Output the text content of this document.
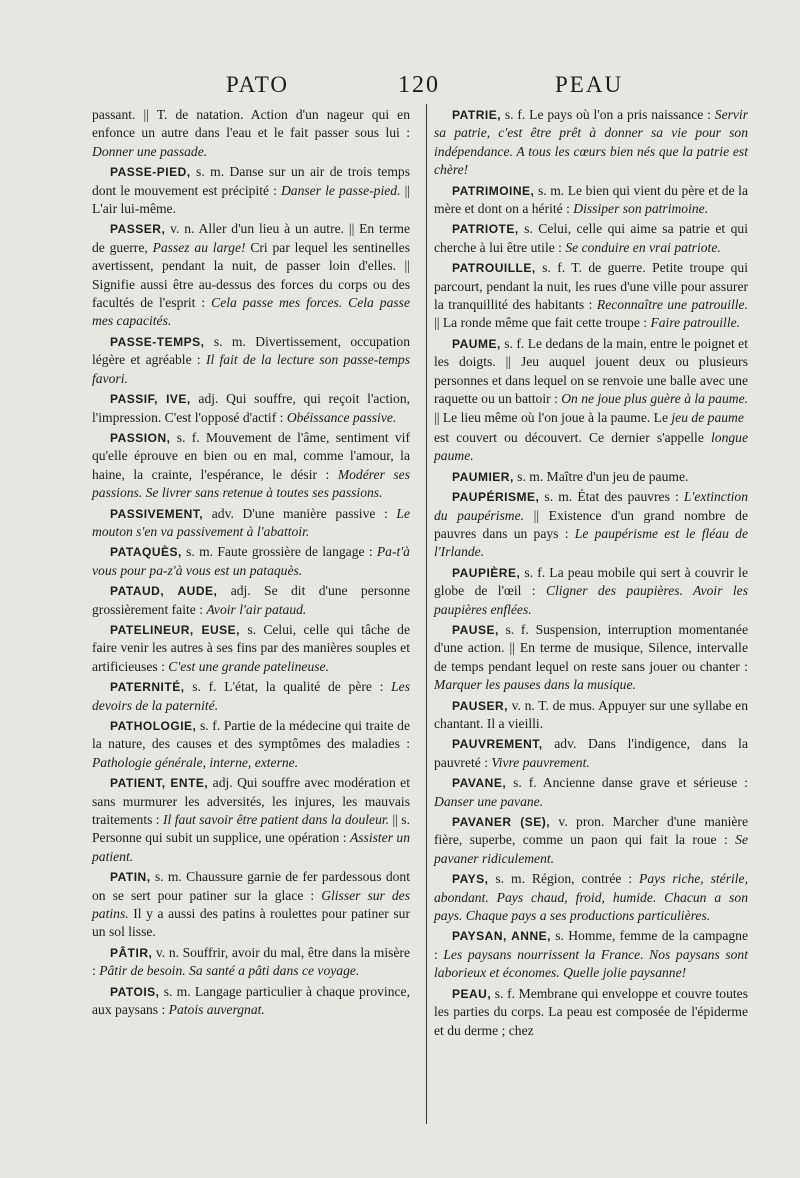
PATO	120	PEAU

passant. || T. de natation. Action d'un nageur qui en enfonce un autre dans l'eau et le fait passer sous lui : Donner une passade.

PASSE-PIED, s. m. Danse sur un air de trois temps dont le mouvement est précipité : Danser le passe-pied. || L'air lui-même.

PASSER, v. n. Aller d'un lieu à un autre. || En terme de guerre, Passez au large! Cri par lequel les sentinelles avertissent, pendant la nuit, de passer loin d'elles. || Signifie aussi être au-dessus des forces du corps ou des facultés de l'esprit : Cela passe mes forces. Cela passe mes capacités.

PASSE-TEMPS, s. m. Divertissement, occupation légère et agréable : Il fait de la lecture son passe-temps favori.

PASSIF, IVE, adj. Qui souffre, qui reçoit l'action, l'impression. C'est l'opposé d'actif : Obéissance passive.

PASSION, s. f. Mouvement de l'âme, sentiment vif qu'elle éprouve en bien ou en mal, comme l'amour, la haine, la crainte, l'espérance, le désir : Modérer ses passions. Se livrer sans retenue à toutes ses passions.

PASSIVEMENT, adv. D'une manière passive : Le mouton s'en va passivement à l'abattoir.

PATAQUÈS, s. m. Faute grossière de langage : Pa-t'à vous pour pa-z'à vous est un pataquès.

PATAUD, AUDE, adj. Se dit d'une personne grossièrement faite : Avoir l'air pataud.

PATELINEUR, EUSE, s. Celui, celle qui tâche de faire venir les autres à ses fins par des manières souples et artificieuses : C'est une grande patelineuse.

PATERNITÉ, s. f. L'état, la qualité de père : Les devoirs de la paternité.

PATHOLOGIE, s. f. Partie de la médecine qui traite de la nature, des causes et des symptômes des maladies : Pathologie générale, interne, externe.

PATIENT, ENTE, adj. Qui souffre avec modération et sans murmurer les adversités, les injures, les mauvais traitements : Il faut savoir être patient dans la douleur. || s. Personne qui subit un supplice, une opération : Assister un patient.

PATIN, s. m. Chaussure garnie de fer pardessous dont on se sert pour patiner sur la glace : Glisser sur des patins. Il y a aussi des patins à roulettes pour patiner sur un sol lisse.

PÂTIR, v. n. Souffrir, avoir du mal, être dans la misère : Pâtir de besoin. Sa santé a pâti dans ce voyage.

PATOIS, s. m. Langage particulier à chaque province, aux paysans : Patois auvergnat.

PATRIE, s. f. Le pays où l'on a pris naissance : Servir sa patrie, c'est être prêt à donner sa vie pour son indépendance. A tous les cœurs bien nés que la patrie est chère!

PATRIMOINE, s. m. Le bien qui vient du père et de la mère et dont on a hérité : Dissiper son patrimoine.

PATRIOTE, s. Celui, celle qui aime sa patrie et qui cherche à lui être utile : Se conduire en vrai patriote.

PATROUILLE, s. f. T. de guerre. Petite troupe qui parcourt, pendant la nuit, les rues d'une ville pour assurer la tranquillité des habitants : Reconnaître une patrouille. || La ronde même que fait cette troupe : Faire patrouille.

PAUME, s. f. Le dedans de la main, entre le poignet et les doigts. || Jeu auquel jouent deux ou plusieurs personnes et dans lequel on se renvoie une balle avec une raquette ou un battoir : On ne joue plus guère à la paume. || Le lieu même où l'on joue à la paume. Le jeu de paume

est couvert ou découvert. Ce dernier s'appelle longue paume.

PAUMIER, s. m. Maître d'un jeu de paume.

PAUPÉRISME, s. m. État des pauvres : L'extinction du paupérisme. || Existence d'un grand nombre de pauvres dans un pays : Le paupérisme est le fléau de l'Irlande.

PAUPIÈRE, s. f. La peau mobile qui sert à couvrir le globe de l'œil : Cligner des paupières. Avoir les paupières enflées.

PAUSE, s. f. Suspension, interruption momentanée d'une action. || En terme de musique, Silence, intervalle de temps pendant lequel on reste sans jouer ou chanter : Marquer les pauses dans la musique.

PAUSER, v. n. T. de mus. Appuyer sur une syllabe en chantant. Il a vieilli.

PAUVREMENT, adv. Dans l'indigence, dans la pauvreté : Vivre pauvrement.

PAVANE, s. f. Ancienne danse grave et sérieuse : Danser une pavane.

PAVANER (SE), v. pron. Marcher d'une manière fière, superbe, comme un paon qui fait la roue : Se pavaner ridiculement.

PAYS, s. m. Région, contrée : Pays riche, stérile, abondant. Pays chaud, froid, humide. Chacun a son pays. Chaque pays a ses productions particulières.

PAYSAN, ANNE, s. Homme, femme de la campagne : Les paysans nourrissent la France. Nos paysans sont laborieux et économes. Quelle jolie paysanne!

PEAU, s. f. Membrane qui enveloppe et couvre toutes les parties du corps. La peau est composée de l'épiderme et du derme ; chez
